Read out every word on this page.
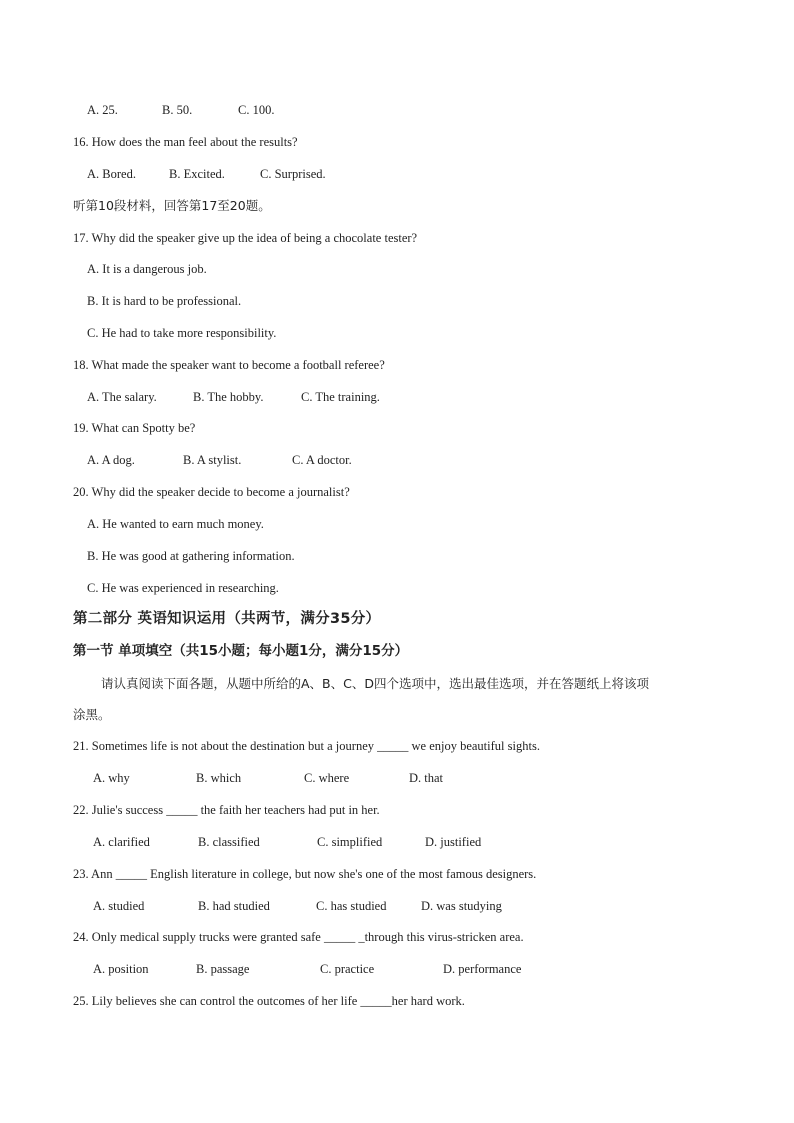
A. 25.	B. 50.	C. 100.
16. How does the man feel about the results?
A. Bored.	B. Excited.	C. Surprised.
听第10段材料，回答第17至20题。
17. Why did the speaker give up the idea of being a chocolate tester?
A. It is a dangerous job.
B. It is hard to be professional.
C. He had to take more responsibility.
18. What made the speaker want to become a football referee?
A. The salary.	B. The hobby.	C. The training.
19. What can Spotty be?
A. A dog.	B. A stylist.	C. A doctor.
20. Why did the speaker decide to become a journalist?
A. He wanted to earn much money.
B. He was good at gathering information.
C. He was experienced in researching.
第二部分 英语知识运用（共两节，满分35分）
第一节 单项填空（共15小题；每小题1分，满分15分）
请认真阅读下面各题，从题中所给的A、B、C、D四个选项中，选出最佳选项，并在答题纸上将该项
涂黑。
21. Sometimes life is not about the destination but a journey _____ we enjoy beautiful sights.
A. why	B. which	C. where	D. that
22. Julie's success _____ the faith her teachers had put in her.
A. clarified	B. classified	C. simplified	D. justified
23. Ann _____ English literature in college, but now she's one of the most famous designers.
A. studied	B. had studied	C. has studied	D. was studying
24. Only medical supply trucks were granted safe _____ _through this virus-stricken area.
A. position	B. passage	C. practice	D. performance
25. Lily believes she can control the outcomes of her life _____her hard work.
